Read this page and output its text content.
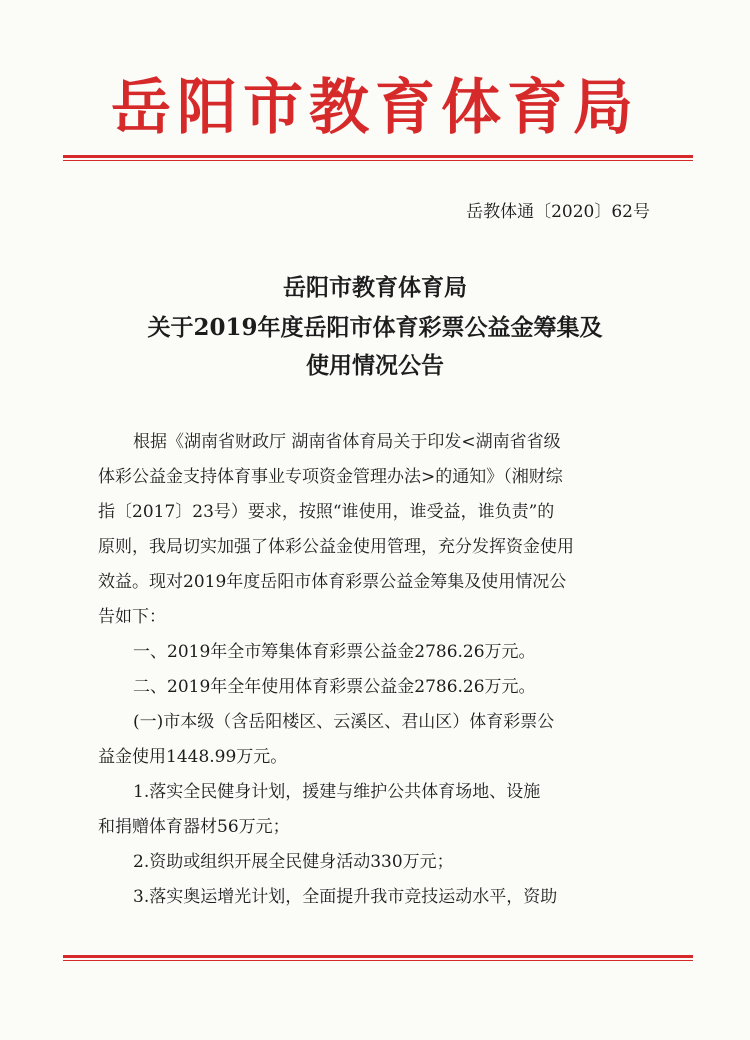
岳阳市教育体育局
岳教体通〔2020〕62号
岳阳市教育体育局
关于2019年度岳阳市体育彩票公益金筹集及
使用情况公告
根据《湖南省财政厅 湖南省体育局关于印发<湖南省省级
体彩公益金支持体育事业专项资金管理办法>的通知》（湘财综
指〔2017〕23号）要求，按照“谁使用，谁受益，谁负责”的
原则，我局切实加强了体彩公益金使用管理，充分发挥资金使用
效益。现对2019年度岳阳市体育彩票公益金筹集及使用情况公
告如下：
一、2019年全市筹集体育彩票公益金2786.26万元。
二、2019年全年使用体育彩票公益金2786.26万元。
(一)市本级（含岳阳楼区、云溪区、君山区）体育彩票公
益金使用1448.99万元。
1.落实全民健身计划，援建与维护公共体育场地、设施
和捐赠体育器材56万元；
2.资助或组织开展全民健身活动330万元；
3.落实奥运增光计划，全面提升我市竞技运动水平，资助
